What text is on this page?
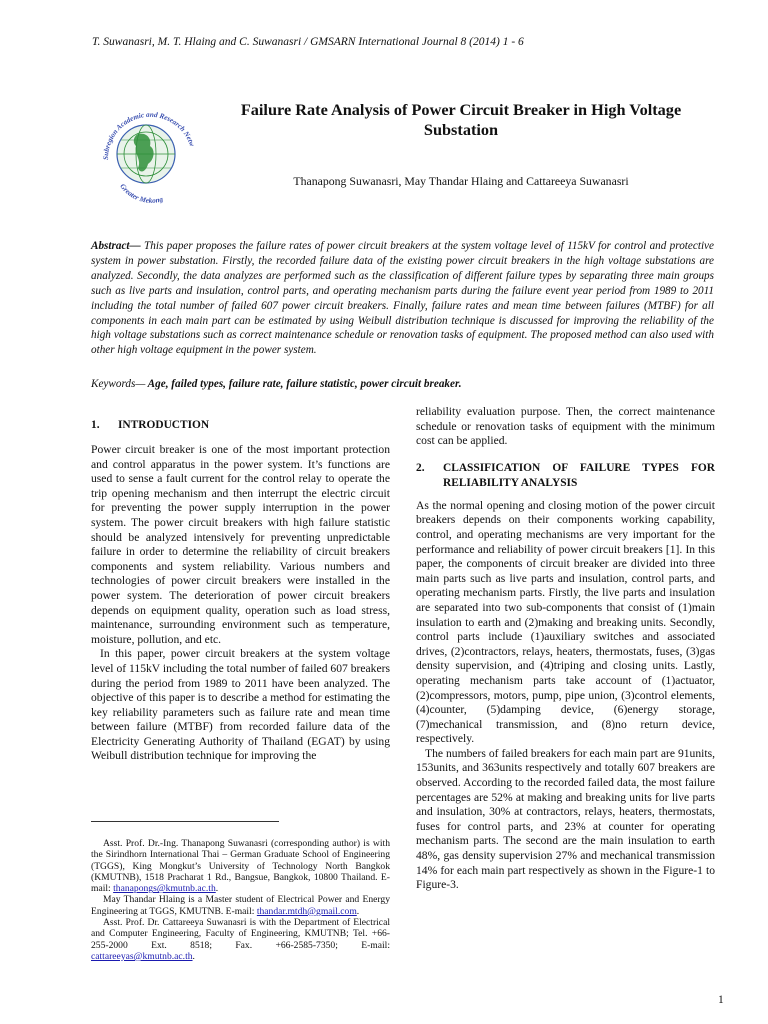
T. Suwanasri, M. T. Hlaing and C. Suwanasri / GMSARN International Journal 8 (2014) 1 - 6
Subregion Academic and Research Netw
Greater Mekong
Failure Rate Analysis of Power Circuit Breaker in High Voltage Substation
Thanapong Suwanasri, May Thandar Hlaing and Cattareeya Suwanasri
Abstract— This paper proposes the failure rates of power circuit breakers at the system voltage level of 115kV for control and protective system in power substation. Firstly, the recorded failure data of the existing power circuit breakers in the high voltage substations are analyzed. Secondly, the data analyzes are performed such as the classification of different failure types by separating three main groups such as live parts and insulation, control parts, and operating mechanism parts during the failure event year period from 1989 to 2011 including the total number of failed 607 power circuit breakers. Finally, failure rates and mean time between failures (MTBF) for all components in each main part can be estimated by using Weibull distribution technique is discussed for improving the reliability of the high voltage substations such as correct maintenance schedule or renovation tasks of equipment. The proposed method can also used with other high voltage equipment in the power system.
Keywords— Age, failed types, failure rate, failure statistic, power circuit breaker.
1.	INTRODUCTION

Power circuit breaker is one of the most important protection and control apparatus in the power system. It’s functions are used to sense a fault current for the control relay to operate the trip opening mechanism and then interrupt the electric circuit for preventing the power supply interruption in the power system. The power circuit breakers with high failure statistic should be analyzed intensively for preventing unpredictable failure in order to determine the reliability of circuit breakers components and system reliability. Various numbers and technologies of power circuit breakers were installed in the power system. The deterioration of power circuit breakers depends on equipment quality, operation such as load stress, maintenance, surrounding environment such as temperature, moisture, pollution, and etc.

In this paper, power circuit breakers at the system voltage level of 115kV including the total number of failed 607 breakers during the period from 1989 to 2011 have been analyzed. The objective of this paper is to describe a method for estimating the key reliability parameters such as failure rate and mean time between failure (MTBF) from recorded failure data of the Electricity Generating Authority of Thailand (EGAT) by using Weibull distribution technique for improving the

reliability evaluation purpose. Then, the correct maintenance schedule or renovation tasks of equipment with the minimum cost can be applied.

2.	CLASSIFICATION OF FAILURE TYPES FOR RELIABILITY ANALYSIS

As the normal opening and closing motion of the power circuit breakers depends on their components working capability, control, and operating mechanisms are very important for the performance and reliability of power circuit breakers [1]. In this paper, the components of circuit breaker are divided into three main parts such as live parts and insulation, control parts, and operating mechanism parts. Firstly, the live parts and insulation are separated into two sub-components that consist of (1)main insulation to earth and (2)making and breaking units. Secondly, control parts include (1)auxiliary switches and associated drives, (2)contractors, relays, heaters, thermostats, fuses, (3)gas density supervision, and (4)triping and closing units. Lastly, operating mechanism parts take account of (1)actuator, (2)compressors, motors, pump, pipe union, (3)control elements, (4)counter, (5)damping device, (6)energy storage, (7)mechanical transmission, and (8)no return device, respectively.

The numbers of failed breakers for each main part are 91units, 153units, and 363units respectively and totally 607 breakers are observed. According to the recorded failed data, the most failure percentages are 52% at making and breaking units for live parts and insulation, 30% at contractors, relays, heaters, thermostats, fuses for control parts, and 23% at counter for operating mechanism parts. The second are the main insulation to earth 48%, gas density supervision 27% and mechanical transmission 14% for each main part respectively as shown in the Figure-1 to Figure-3.

Asst. Prof. Dr.-Ing. Thanapong Suwanasri (corresponding author) is with the Sirindhorn International Thai – German Graduate School of Engineering (TGGS), King Mongkut’s University of Technology North Bangkok (KMUTNB), 1518 Pracharat 1 Rd., Bangsue, Bangkok, 10800 Thailand. E-mail: thanapongs@kmutnb.ac.th.

May Thandar Hlaing is a Master student of Electrical Power and Energy Engineering at TGGS, KMUTNB. E-mail: thandar.mtdh@gmail.com.

Asst. Prof. Dr. Cattareeya Suwanasri is with the Department of Electrical and Computer Engineering, Faculty of Engineering, KMUTNB; Tel. +66-255-2000 Ext. 8518; Fax. +66-2585-7350; E-mail: cattareeyas@kmutnb.ac.th.

1
